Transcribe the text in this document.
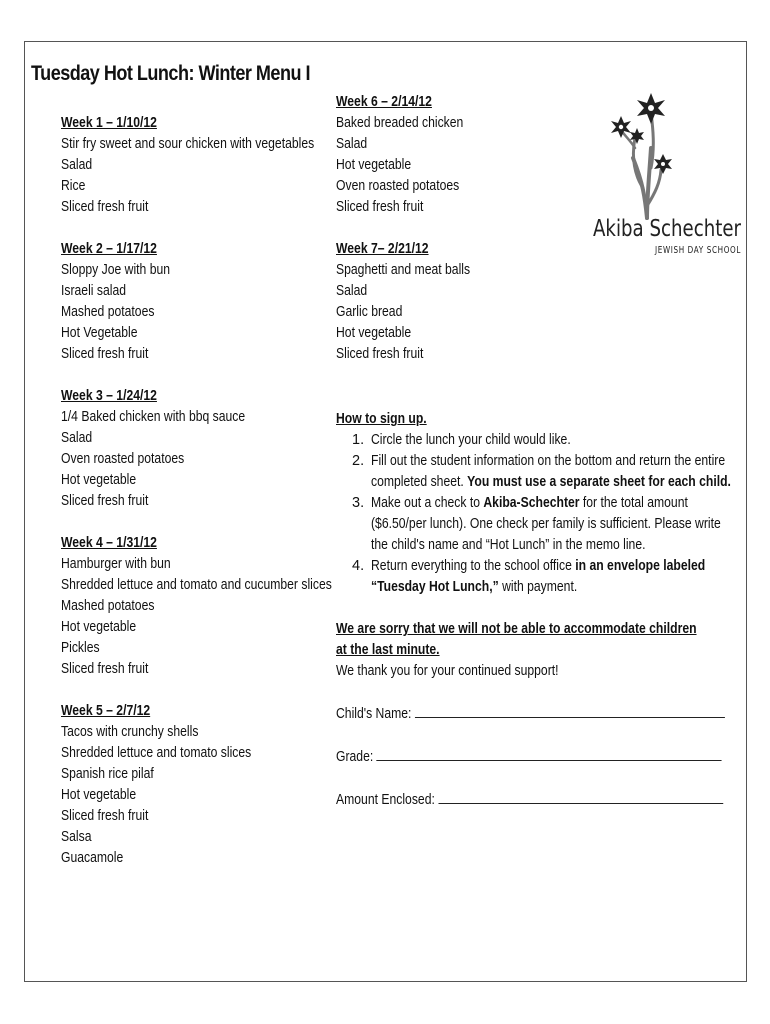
Tuesday Hot Lunch: Winter Menu I
Week 1 – 1/10/12
Stir fry sweet and sour chicken with vegetables
Salad
Rice
Sliced fresh fruit
Week 2 – 1/17/12
Sloppy Joe with bun
Israeli salad
Mashed potatoes
Hot Vegetable
Sliced fresh fruit
Week 3 – 1/24/12
1/4 Baked chicken with bbq sauce
Salad
Oven roasted potatoes
Hot vegetable
Sliced fresh fruit
Week 4 – 1/31/12
Hamburger with bun
Shredded lettuce and tomato and cucumber slices
Mashed potatoes
Hot vegetable
Pickles
Sliced fresh fruit
Week 5 – 2/7/12
Tacos with crunchy shells
Shredded lettuce and tomato slices
Spanish rice pilaf
Hot vegetable
Sliced fresh fruit
Salsa
Guacamole
Week 6 – 2/14/12
Baked breaded chicken
Salad
Hot vegetable
Oven roasted potatoes
Sliced fresh fruit
Week 7– 2/21/12
Spaghetti and meat balls
Salad
Garlic bread
Hot vegetable
Sliced fresh fruit
Akiba Schechter
JEWISH DAY SCHOOL
How to sign up.
1. Circle the lunch your child would like.
2. Fill out the student information on the bottom and return the entire completed sheet. You must use a separate sheet for each child.
3. Make out a check to Akiba-Schechter for the total amount ($6.50/per lunch). One check per family is sufficient. Please write the child's name and “Hot Lunch” in the memo line.
4. Return everything to the school office in an envelope labeled “Tuesday Hot Lunch,” with payment.
We are sorry that we will not be able to accommodate children at the last minute.
We thank you for your continued support!
Child's Name:
Grade:
Amount Enclosed:
